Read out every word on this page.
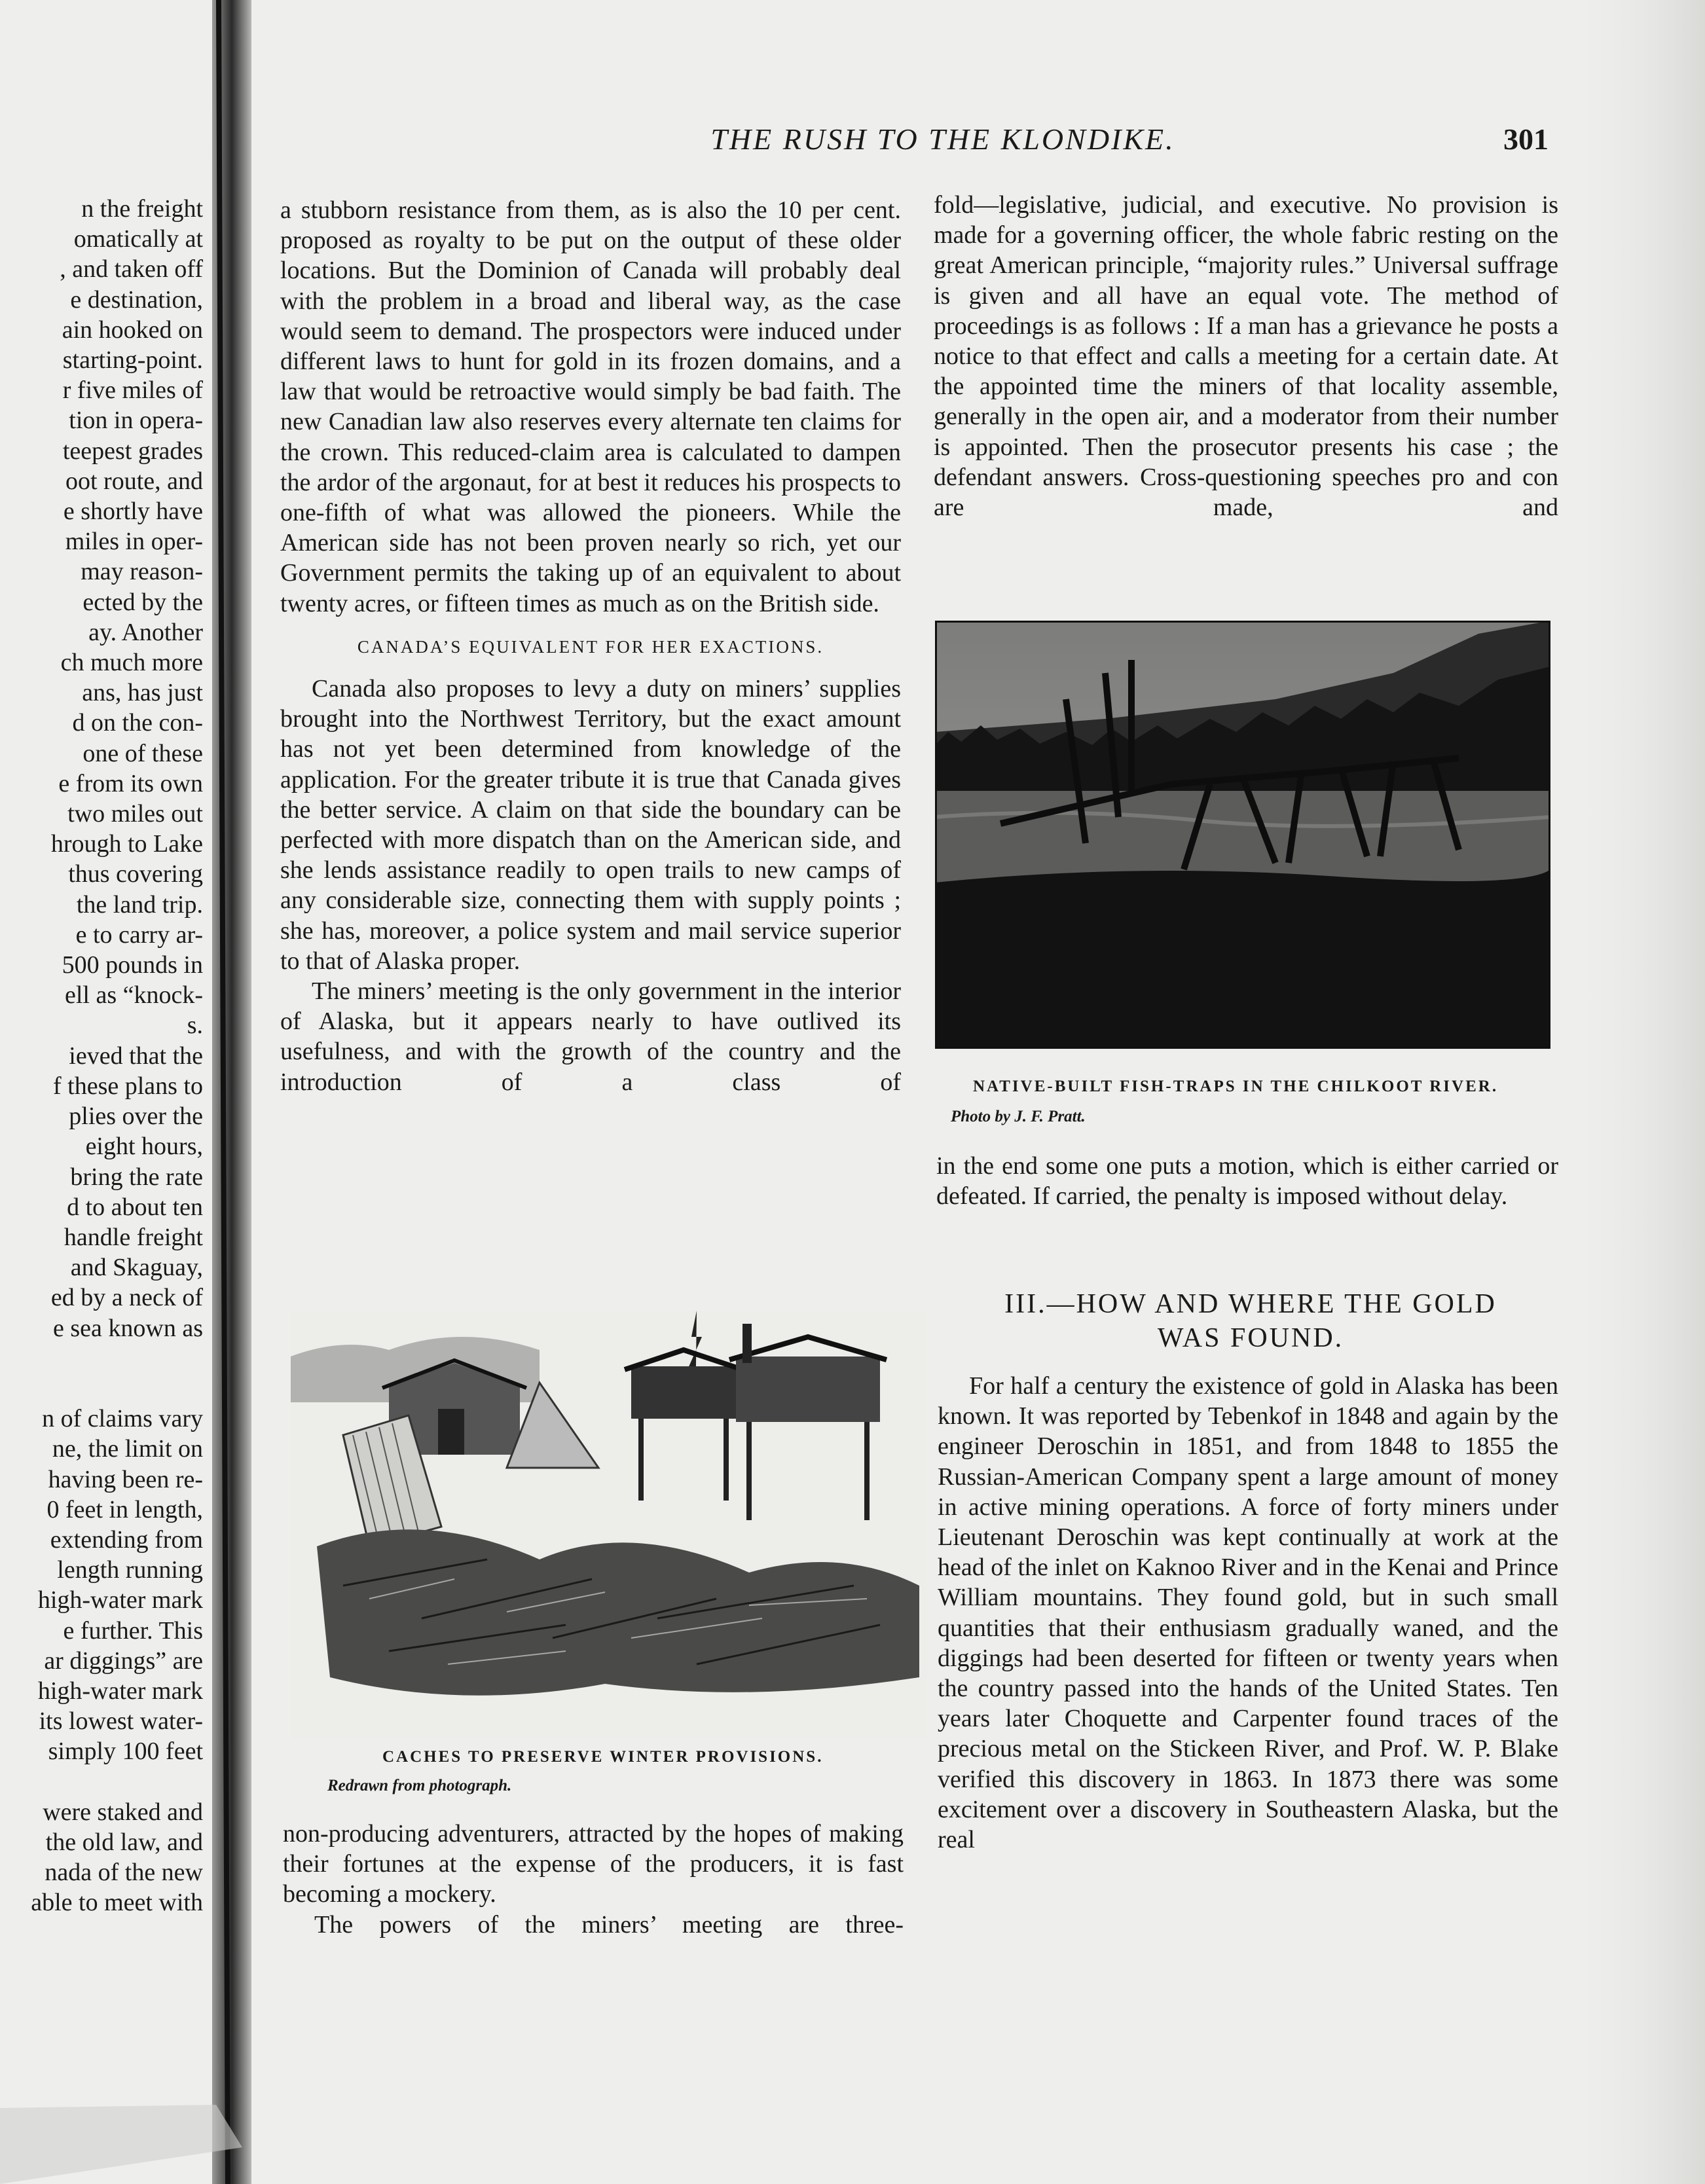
THE RUSH TO THE KLONDIKE.	301
n the freight
omatically at
, and taken off
e destination,
ain hooked on
starting-point.
r five miles of
tion in opera-
teepest grades
oot route, and
e shortly have
miles in oper-
may reason-
ected by the
ay. Another
ch much more
ans, has just
d on the con-
one of these
e from its own
two miles out
hrough to Lake
thus covering
the land trip.
e to carry ar-
500 pounds in
ell as “knock-
s.
ieved that the
f these plans to
plies over the
eight hours,
bring the rate
d to about ten
handle freight
and Skaguay,
ed by a neck of
e sea known as

n of claims vary
ne, the limit on
having been re-
0 feet in length,
extending from
length running
high-water mark
e further. This
ar diggings” are
high-water mark
its lowest water-
simply 100 feet

were staked and
the old law, and
nada of the new
able to meet with

a stubborn resistance from them, as is also the 10 per cent. proposed as royalty to be put on the output of these older locations. But the Dominion of Canada will probably deal with the problem in a broad and liberal way, as the case would seem to demand. The prospectors were induced under different laws to hunt for gold in its frozen domains, and a law that would be retroactive would simply be bad faith. The new Canadian law also reserves every alternate ten claims for the crown. This reduced-claim area is calculated to dampen the ardor of the argonaut, for at best it reduces his prospects to one-fifth of what was allowed the pioneers. While the American side has not been proven nearly so rich, yet our Government permits the taking up of an equivalent to about twenty acres, or fifteen times as much as on the British side.

CANADA’S EQUIVALENT FOR HER EXACTIONS.

Canada also proposes to levy a duty on miners’ supplies brought into the Northwest Territory, but the exact amount has not yet been determined from knowledge of the application. For the greater tribute it is true that Canada gives the better service. A claim on that side the boundary can be perfected with more dispatch than on the American side, and she lends assistance readily to open trails to new camps of any considerable size, connecting them with supply points ; she has, moreover, a police system and mail service superior to that of Alaska proper.

The miners’ meeting is the only government in the interior of Alaska, but it appears nearly to have outlived its usefulness, and with the growth of the country and the introduction of a class of

CACHES TO PRESERVE WINTER PROVISIONS.
Redrawn from photograph.

non-producing adventurers, attracted by the hopes of making their fortunes at the expense of the producers, it is fast becoming a mockery.

The powers of the miners’ meeting are three-

fold—legislative, judicial, and executive. No provision is made for a governing officer, the whole fabric resting on the great American principle, “majority rules.” Universal suffrage is given and all have an equal vote. The method of proceedings is as follows : If a man has a grievance he posts a notice to that effect and calls a meeting for a certain date. At the appointed time the miners of that locality assemble, generally in the open air, and a moderator from their number is appointed. Then the prosecutor presents his case ; the defendant answers. Cross-questioning speeches pro and con are made, and

NATIVE-BUILT FISH-TRAPS IN THE CHILKOOT RIVER.
Photo by J. F. Pratt.

in the end some one puts a motion, which is either carried or defeated. If carried, the penalty is imposed without delay.

III.—HOW AND WHERE THE GOLD
WAS FOUND.

For half a century the existence of gold in Alaska has been known. It was reported by Tebenkof in 1848 and again by the engineer Deroschin in 1851, and from 1848 to 1855 the Russian-American Company spent a large amount of money in active mining operations. A force of forty miners under Lieutenant Deroschin was kept continually at work at the head of the inlet on Kaknoo River and in the Kenai and Prince William mountains. They found gold, but in such small quantities that their enthusiasm gradually waned, and the diggings had been deserted for fifteen or twenty years when the country passed into the hands of the United States. Ten years later Choquette and Carpenter found traces of the precious metal on the Stickeen River, and Prof. W. P. Blake verified this discovery in 1863. In 1873 there was some excitement over a discovery in Southeastern Alaska, but the real
